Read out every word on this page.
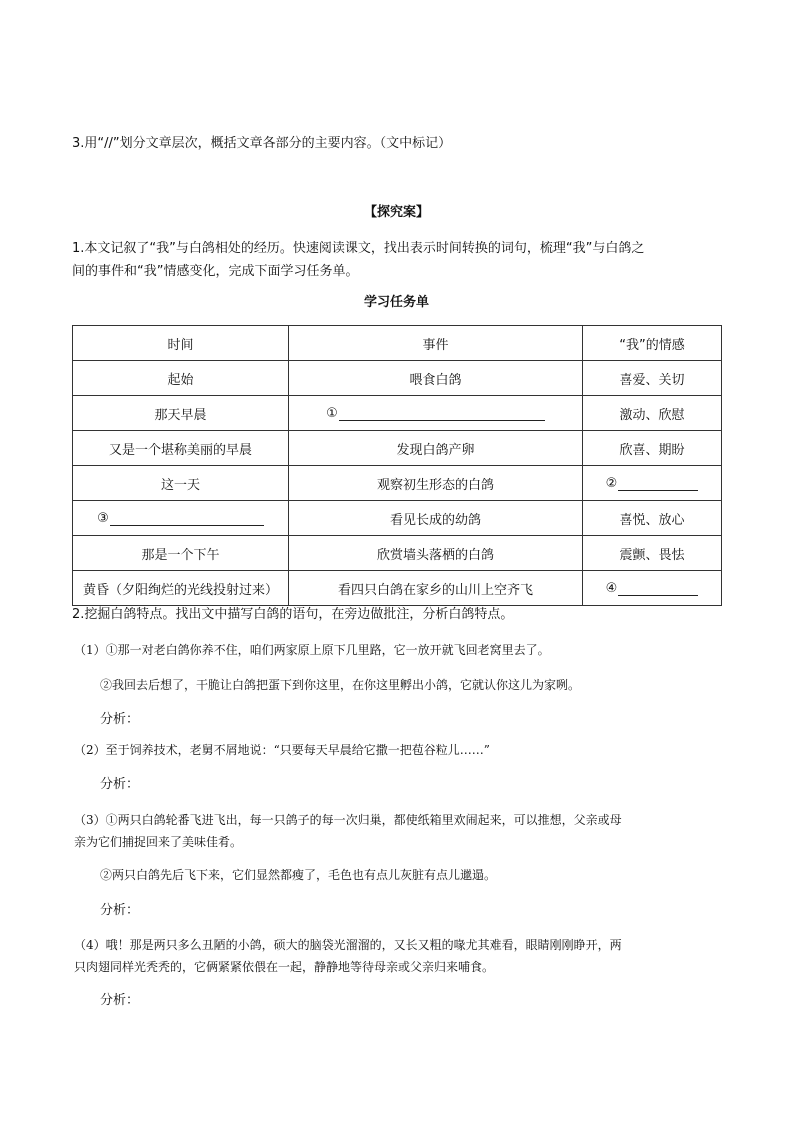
3.用“//”划分文章层次，概括文章各部分的主要内容。（文中标记）
【探究案】
1.本文记叙了“我”与白鸽相处的经历。快速阅读课文，找出表示时间转换的词句，梳理“我”与白鸽之
间的事件和“我”情感变化，完成下面学习任务单。
学习任务单
时间	事件	“我”的情感
起始	喂食白鸽	喜爱、关切
那天早晨	①	激动、欣慰
又是一个堪称美丽的早晨	发现白鸽产卵	欣喜、期盼
这一天	观察初生形态的白鸽	②
③	看见长成的幼鸽	喜悦、放心
那是一个下午	欣赏墙头落栖的白鸽	震颤、畏怯
黄昏（夕阳绚烂的光线投射过来）	看四只白鸽在家乡的山川上空齐飞	④
2.挖掘白鸽特点。找出文中描写白鸽的语句，在旁边做批注，分析白鸽特点。
（1）①那一对老白鸽你养不住，咱们两家原上原下几里路，它一放开就飞回老窝里去了。
②我回去后想了，干脆让白鸽把蛋下到你这里，在你这里孵出小鸽，它就认你这儿为家咧。
分析：
（2）至于饲养技术，老舅不屑地说：“只要每天早晨给它撒一把苞谷粒儿……”
分析：
（3）①两只白鸽轮番飞进飞出，每一只鸽子的每一次归巢，都使纸箱里欢闹起来，可以推想，父亲或母
亲为它们捕捉回来了美味佳肴。
②两只白鸽先后飞下来，它们显然都瘦了，毛色也有点儿灰脏有点儿邋遢。
分析：
（4）哦！那是两只多么丑陋的小鸽，硕大的脑袋光溜溜的，又长又粗的喙尤其难看，眼睛刚刚睁开，两
只肉翅同样光秃秃的，它俩紧紧依偎在一起，静静地等待母亲或父亲归来哺食。
分析：
